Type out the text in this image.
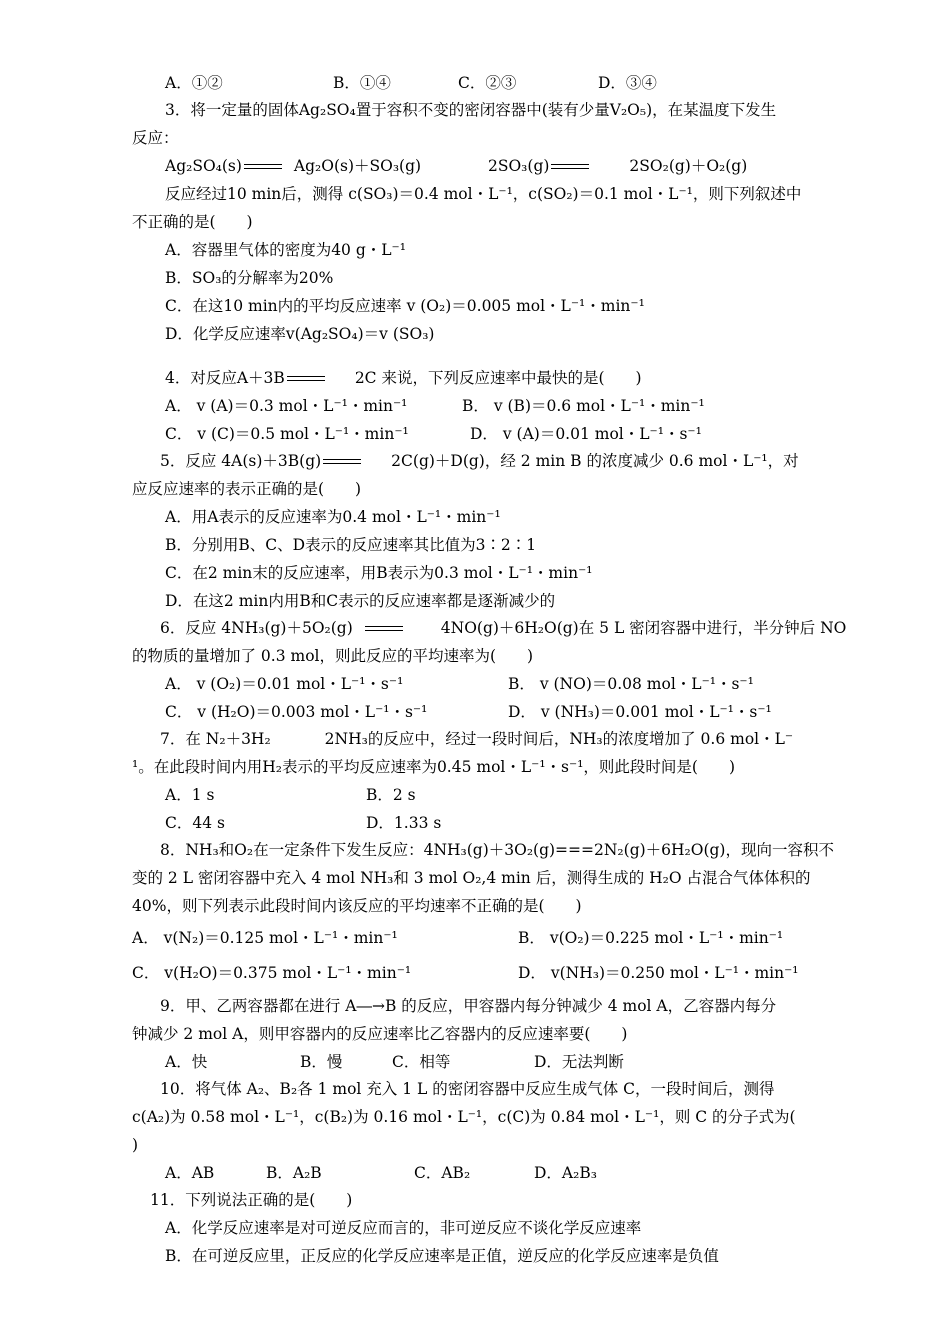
A．①②	B．①④	C．②③	D．③④
3．将一定量的固体Ag₂SO₄置于容积不变的密闭容器中(装有少量V₂O₅)，在某温度下发生
反应：
Ag₂SO₄(s)	Ag₂O(s)＋SO₃(g)	2SO₃(g)	2SO₂(g)＋O₂(g)
反应经过10 min后，测得 c(SO₃)＝0.4 mol・L⁻¹，c(SO₂)＝0.1 mol・L⁻¹，则下列叙述中
不正确的是(　　)
A．容器里气体的密度为40 g・L⁻¹
B．SO₃的分解率为20%
C．在这10 min内的平均反应速率 v (O₂)＝0.005 mol・L⁻¹・min⁻¹
D．化学反应速率v(Ag₂SO₄)＝v (SO₃)
4．对反应A＋3B	2C 来说，下列反应速率中最快的是(　　)
A． v (A)＝0.3 mol・L⁻¹・min⁻¹	B． v (B)＝0.6 mol・L⁻¹・min⁻¹
C． v (C)＝0.5 mol・L⁻¹・min⁻¹	D． v (A)＝0.01 mol・L⁻¹・s⁻¹
5．反应 4A(s)＋3B(g)	2C(g)＋D(g)，经 2 min B 的浓度减少 0.6 mol・L⁻¹，对
应反应速率的表示正确的是(　　)
A．用A表示的反应速率为0.4 mol・L⁻¹・min⁻¹
B．分别用B、C、D表示的反应速率其比值为3∶2∶1
C．在2 min末的反应速率，用B表示为0.3 mol・L⁻¹・min⁻¹
D．在这2 min内用B和C表示的反应速率都是逐渐减少的
6．反应 4NH₃(g)＋5O₂(g)	4NO(g)＋6H₂O(g)在 5 L 密闭容器中进行，半分钟后 NO
的物质的量增加了 0.3 mol，则此反应的平均速率为(　　)
A． v (O₂)＝0.01 mol・L⁻¹・s⁻¹	B． v (NO)＝0.08 mol・L⁻¹・s⁻¹
C． v (H₂O)＝0.003 mol・L⁻¹・s⁻¹	D． v (NH₃)＝0.001 mol・L⁻¹・s⁻¹
7．在 N₂＋3H₂	2NH₃的反应中，经过一段时间后，NH₃的浓度增加了 0.6 mol・L⁻
¹。在此段时间内用H₂表示的平均反应速率为0.45 mol・L⁻¹・s⁻¹，则此段时间是(　　)
A．1 s	B．2 s
C．44 s	D．1.33 s
8．NH₃和O₂在一定条件下发生反应：4NH₃(g)＋3O₂(g)===2N₂(g)＋6H₂O(g)，现向一容积不
变的 2 L 密闭容器中充入 4 mol NH₃和 3 mol O₂,4 min 后，测得生成的 H₂O 占混合气体体积的
40%，则下列表示此段时间内该反应的平均速率不正确的是(　　)
A． v(N₂)＝0.125 mol・L⁻¹・min⁻¹	B． v(O₂)＝0.225 mol・L⁻¹・min⁻¹
C． v(H₂O)＝0.375 mol・L⁻¹・min⁻¹	D． v(NH₃)＝0.250 mol・L⁻¹・min⁻¹
9．甲、乙两容器都在进行 A―→B 的反应，甲容器内每分钟减少 4 mol A，乙容器内每分
钟减少 2 mol A，则甲容器内的反应速率比乙容器内的反应速率要(　　)
A．快	B．慢	C．相等	D．无法判断
10．将气体 A₂、B₂各 1 mol 充入 1 L 的密闭容器中反应生成气体 C，一段时间后，测得
c(A₂)为 0.58 mol・L⁻¹，c(B₂)为 0.16 mol・L⁻¹，c(C)为 0.84 mol・L⁻¹，则 C 的分子式为(
)
A．AB	B．A₂B	C．AB₂	D．A₂B₃
11．下列说法正确的是(　　)
A．化学反应速率是对可逆反应而言的，非可逆反应不谈化学反应速率
B．在可逆反应里，正反应的化学反应速率是正值，逆反应的化学反应速率是负值
